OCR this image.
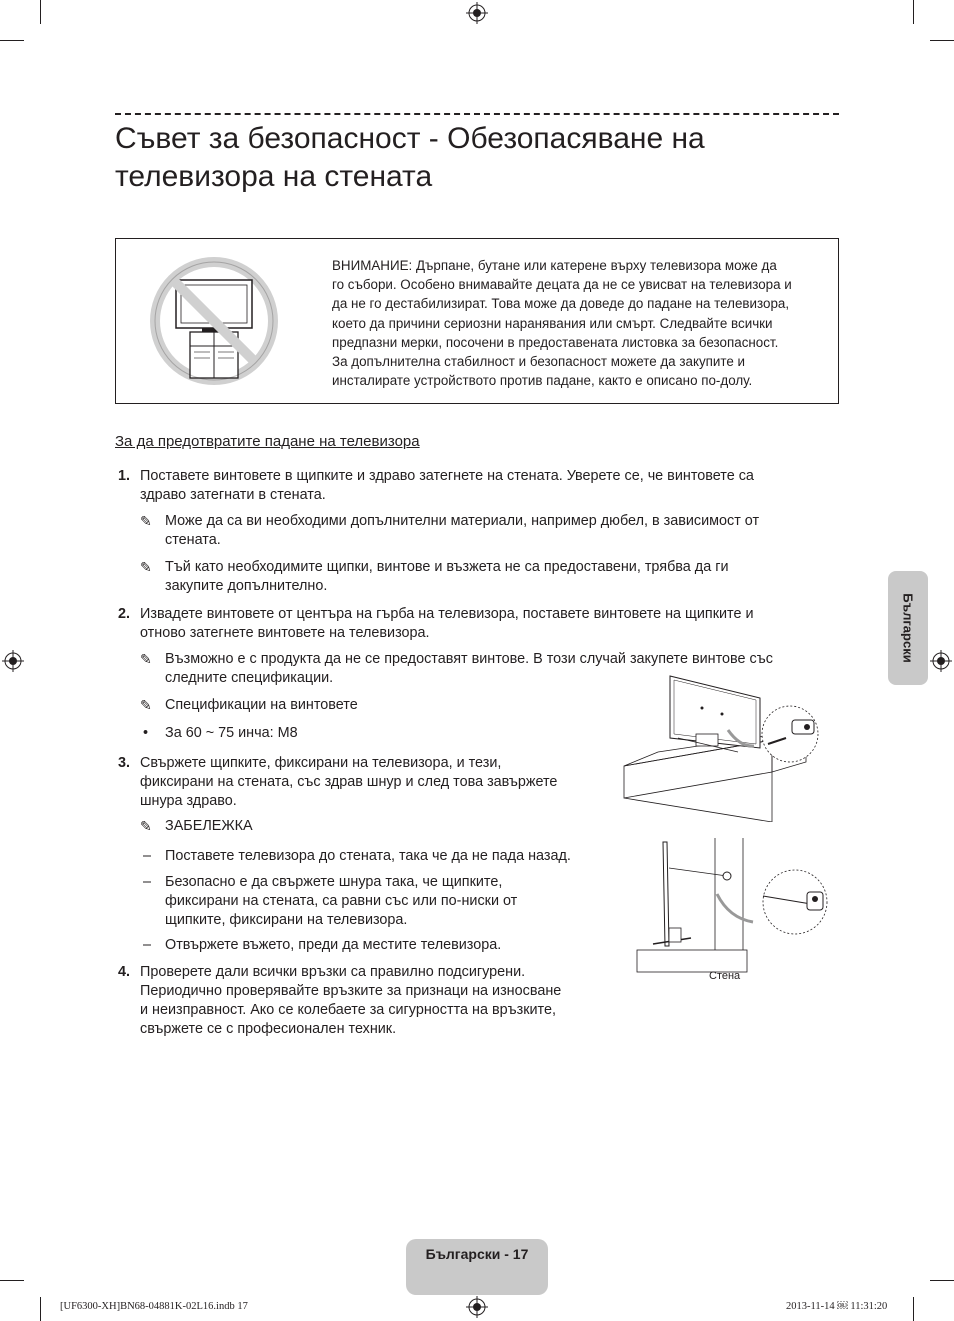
Съвет за безопасност - Обезопасяване на
телевизора на стената
ВНИМАНИЕ: Дърпане, бутане или катерене върху телевизора може да
го събори. Особено внимавайте децата да не се увисват на телевизора и
да не го дестабилизират. Това може да доведе до падане на телевизора,
което да причини сериозни наранявания или смърт. Следвайте всички
предпазни мерки, посочени в предоставената листовка за безопасност.
За допълнителна стабилност и безопасност можете да закупите и
инсталирате устройството против падане, както е описано по-долу.
За да предотвратите падане на телевизора
1. Поставете винтовете в щипките и здраво затегнете на стената. Уверете се, че винтовете са
здраво затегнати в стената.
✎ Може да са ви необходими допълнителни материали, например дюбел, в зависимост от
стената.
✎ Тъй като необходимите щипки, винтове и възжета не са предоставени, трябва да ги
закупите допълнително.
2. Извадете винтовете от центъра на гърба на телевизора, поставете винтовете на щипките и
отново затегнете винтовете на телевизора.
✎ Възможно е с продукта да не се предоставят винтове. В този случай закупете винтове със
следните спецификации.
✎ Спецификации на винтовете
• За 60 ~ 75 инча: M8
3. Свържете щипките, фиксирани на телевизора, и тези,
фиксирани на стената, със здрав шнур и след това завържете
шнура здраво.
✎ ЗАБЕЛЕЖКА
– Поставете телевизора до стената, така че да не пада назад.
– Безопасно е да свържете шнура така, че щипките,
фиксирани на стената, са равни със или по-ниски от
щипките, фиксирани на телевизора.
– Отвържете въжето, преди да местите телевизора.
4. Проверете дали всички връзки са правилно подсигурени.
Периодично проверявайте връзките за признаци на износване
и неизправност. Ако се колебаете за сигурността на връзките,
свържете се с професионален техник.
Стена
Български
Български - 17
[UF6300-XH]BN68-04881K-02L16.indb 17	2013-11-14 ￼ 11:31:20
